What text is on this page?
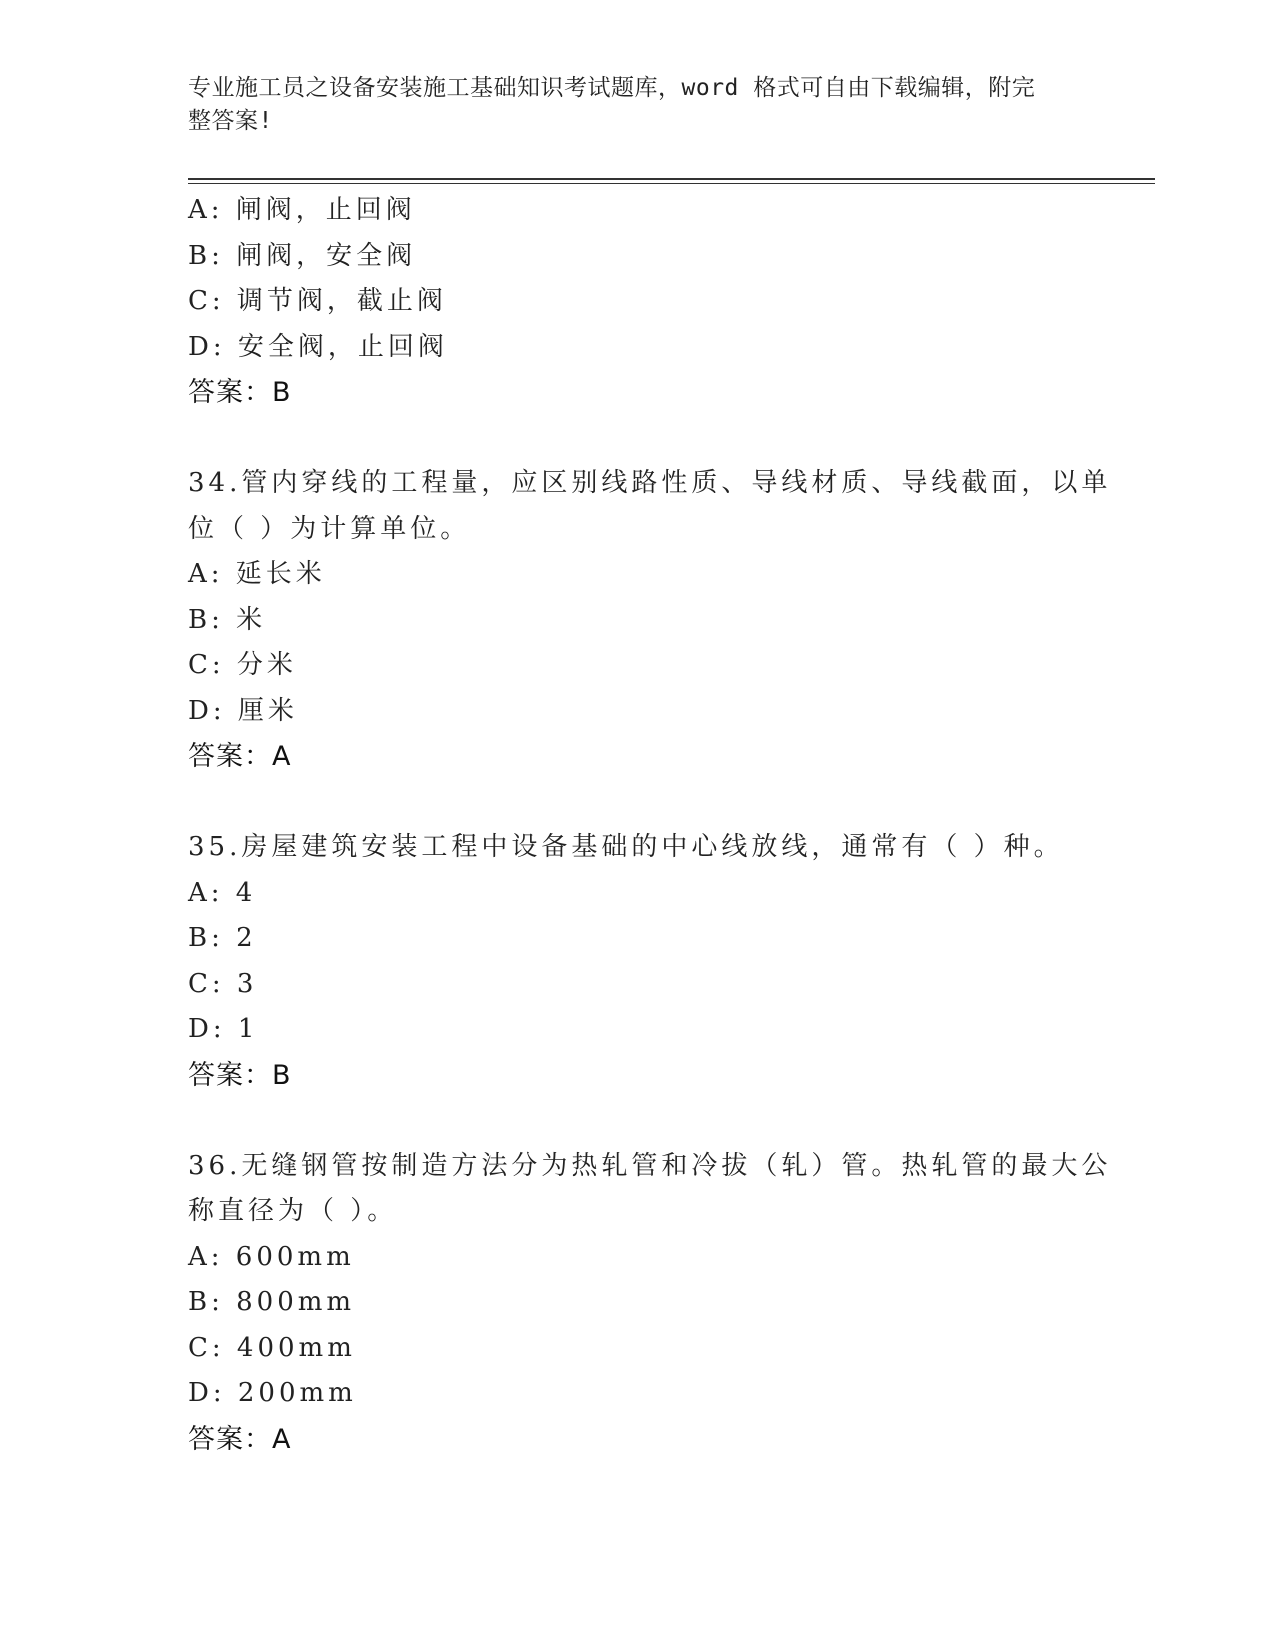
专业施工员之设备安装施工基础知识考试题库，word 格式可自由下载编辑，附完
整答案!
A: 闸阀，止回阀
B: 闸阀，安全阀
C: 调节阀，截止阀
D: 安全阀，止回阀
答案：B
34.管内穿线的工程量，应区别线路性质、导线材质、导线截面，以单
位（ ）为计算单位。
A: 延长米
B: 米
C: 分米
D: 厘米
答案：A
35.房屋建筑安装工程中设备基础的中心线放线，通常有（ ）种。
A: 4
B: 2
C: 3
D: 1
答案：B
36.无缝钢管按制造方法分为热轧管和冷拔（轧）管。热轧管的最大公
称直径为（ ）。
A: 600mm
B: 800mm
C: 400mm
D: 200mm
答案：A
